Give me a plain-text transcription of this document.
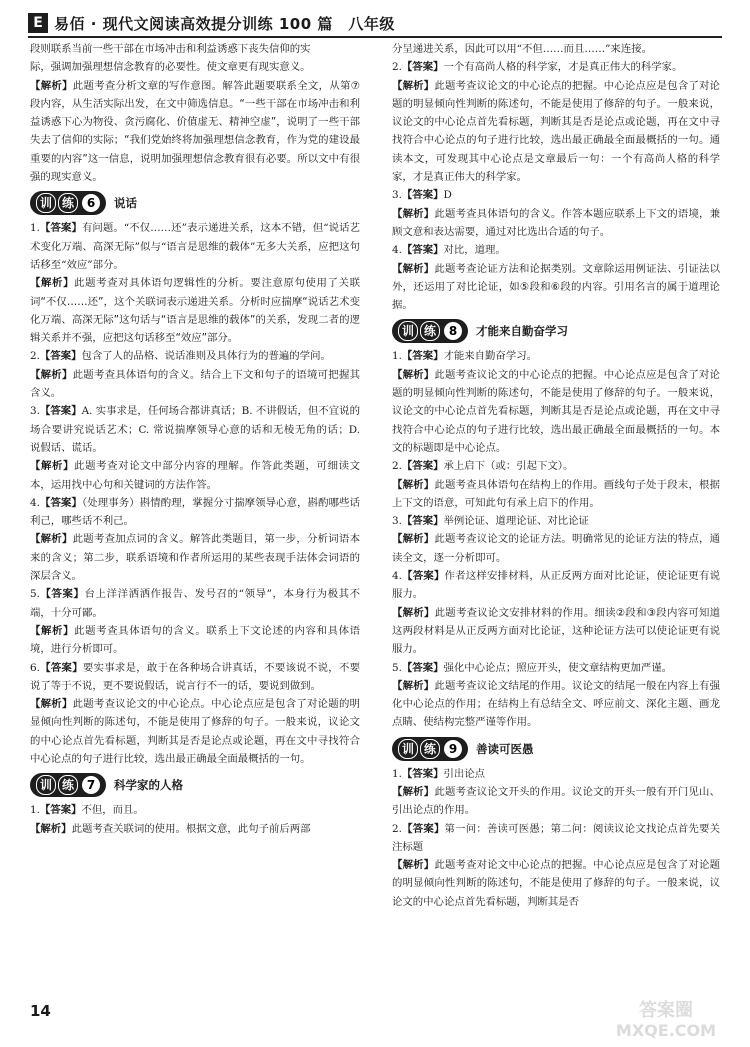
E 易佰 · 现代文阅读高效提分训练 100 篇　八年级

段则联系当前一些干部在市场冲击和利益诱惑下丧失信仰的实

际，强调加强理想信念教育的必要性。使文章更有现实意义。

【解析】此题考查分析文章的写作意图。解答此题要联系全文，从第⑦段内容，从生活实际出发，在文中筛选信息。“一些干部在市场冲击和利益诱惑下心为物役、贪污腐化、价值虚无、精神空虚”，说明了一些干部失去了信仰的实际；“我们党始终将加强理想信念教育，作为党的建设最重要的内容”这一信息，说明加强理想信念教育很有必要。所以文中有很强的现实意义。

训 练	6	说话

1.【答案】有问题。“不仅……还”表示递进关系，这本不错，但“说话艺术变化万端、高深无际”似与“语言是思维的载体”无多大关系，应把这句话移至“效应”部分。

【解析】此题考查对具体语句逻辑性的分析。要注意原句使用了关联词“不仅……还”，这个关联词表示递进关系。分析时应揣摩“说话艺术变化万端、高深无际”这句话与“语言是思维的载体”的关系，发现二者的逻辑关系并不强，应把这句话移至“效应”部分。

2.【答案】包含了人的品格、说话准则及具体行为的普遍的学问。

【解析】此题考查具体语句的含义。结合上下文和句子的语境可把握其含义。

3.【答案】A. 实事求是，任何场合都讲真话；B. 不讲假话，但不宜说的场合要讲究说话艺术；C. 常说揣摩领导心意的话和无棱无角的话；D. 说假话、谎话。

【解析】此题考查对论文中部分内容的理解。作答此类题，可细读文本，运用找中心句和关键词的方法作答。

4.【答案】（处理事务）斟情酌理，掌握分寸揣摩领导心意，斟酌哪些话利己，哪些话不利己。

【解析】此题考查加点词的含义。解答此类题目，第一步，分析词语本来的含义；第二步，联系语境和作者所运用的某些表现手法体会词语的深层含义。

5.【答案】台上洋洋洒洒作报告、发号召的“领导”，本身行为极其不端，十分可鄙。

【解析】此题考查具体语句的含义。联系上下文论述的内容和具体语境，进行分析即可。

6.【答案】要实事求是，敢于在各种场合讲真话，不要该说不说，不要说了等于不说，更不要说假话，说言行不一的话，要说到做到。

【解析】此题考查议论文的中心论点。中心论点应是包含了对论题的明显倾向性判断的陈述句，不能是使用了修辞的句子。一般来说，议论文的中心论点首先看标题，判断其是否是论点或论题，再在文中寻找符合中心论点的句子进行比较，选出最正确最全面最概括的一句。

训 练	7	科学家的人格

1.【答案】不但，而且。

【解析】此题考查关联词的使用。根据文意，此句子前后两部

分呈递进关系，因此可以用“不但……而且……”来连接。

2.【答案】一个有高尚人格的科学家，才是真正伟大的科学家。

【解析】此题考查议论文的中心论点的把握。中心论点应是包含了对论题的明显倾向性判断的陈述句，不能是使用了修辞的句子。一般来说，议论文的中心论点首先看标题，判断其是否是论点或论题，再在文中寻找符合中心论点的句子进行比较，选出最正确最全面最概括的一句。通读本文，可发现其中心论点是文章最后一句：一个有高尚人格的科学家，才是真正伟大的科学家。

3.【答案】D

【解析】此题考查具体语句的含义。作答本题应联系上下文的语境，兼顾文意和表达需要，通过对比选出合适的句子。

4.【答案】对比，道理。

【解析】此题考查论证方法和论据类别。文章除运用例证法、引证法以外，还运用了对比论证，如⑤段和⑥段的内容。引用名言的属于道理论据。

训 练	8	才能来自勤奋学习

1.【答案】才能来自勤奋学习。

【解析】此题考查议论文的中心论点的把握。中心论点应是包含了对论题的明显倾向性判断的陈述句，不能是使用了修辞的句子。一般来说，议论文的中心论点首先看标题，判断其是否是论点或论题，再在文中寻找符合中心论点的句子进行比较，选出最正确最全面最概括的一句。本文的标题即是中心论点。

2.【答案】承上启下（或：引起下文）。

【解析】此题考查具体语句在结构上的作用。画线句子处于段末，根据上下文的语意，可知此句有承上启下的作用。

3.【答案】举例论证、道理论证、对比论证

【解析】此题考查议论文的论证方法。明确常见的论证方法的特点，通读全文，逐一分析即可。

4.【答案】作者这样安排材料，从正反两方面对比论证，使论证更有说服力。

【解析】此题考查议论文安排材料的作用。细读②段和③段内容可知道这两段材料是从正反两方面对比论证，这种论证方法可以使论证更有说服力。

5.【答案】强化中心论点；照应开头，使文章结构更加严谨。

【解析】此题考查议论文结尾的作用。议论文的结尾一般在内容上有强化中心论点的作用；在结构上有总结全文、呼应前文、深化主题、画龙点睛、使结构完整严谨等作用。

训 练	9	善读可医愚

1.【答案】引出论点

【解析】此题考查议论文开头的作用。议论文的开头一般有开门见山、引出论点的作用。

2.【答案】第一问：善读可医愚；第二问：阅读议论文找论点首先要关注标题

【解析】此题考查对论文中心论点的把握。中心论点应是包含了对论题的明显倾向性判断的陈述句，不能是使用了修辞的句子。一般来说，议论文的中心论点首先看标题，判断其是否

14	答案圈
MXQE.COM
